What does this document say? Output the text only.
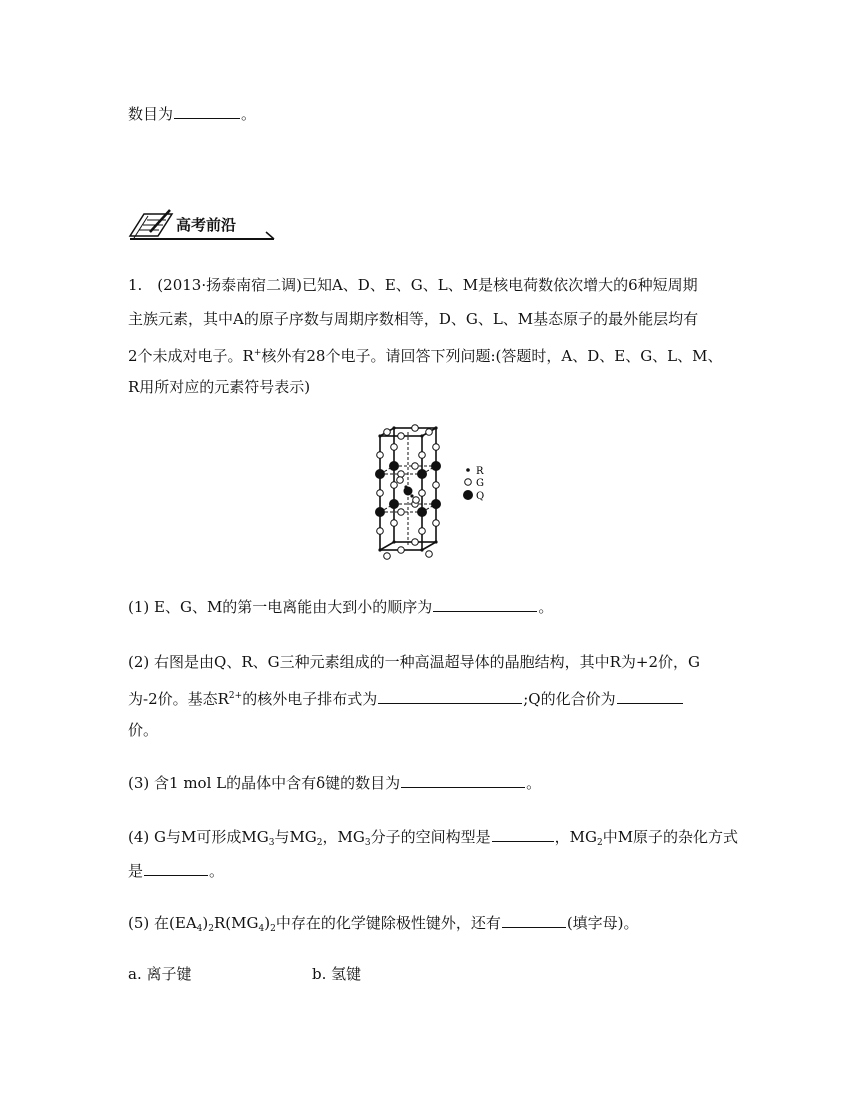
数目为	。
高考前沿
1.　(2013·扬泰南宿二调)已知A、D、E、G、L、M是核电荷数依次增大的6种短周期
主族元素，其中A的原子序数与周期序数相等，D、G、L、M基态原子的最外能层均有
2个未成对电子。R+核外有28个电子。请回答下列问题:(答题时，A、D、E、G、L、M、
R用所对应的元素符号表示)
R
G
Q
(1) E、G、M的第一电离能由大到小的顺序为	。
(2) 右图是由Q、R、G三种元素组成的一种高温超导体的晶胞结构，其中R为+2价，G
为-2价。基态$R^{2+}$的核外电子排布式为	;Q的化合价为
价。
(3) 含1 mol L的晶体中含有δ键的数目为	。
(4) G与M可形成$MG_3$与$MG_2$，$MG_3$分子的空间构型是	，$MG_2$中M原子的杂化方式
是	。
(5) 在$(EA_4)_2R(MG_4)_2$中存在的化学键除极性键外，还有	(填字母)。
a. 离子键	b. 氢键
